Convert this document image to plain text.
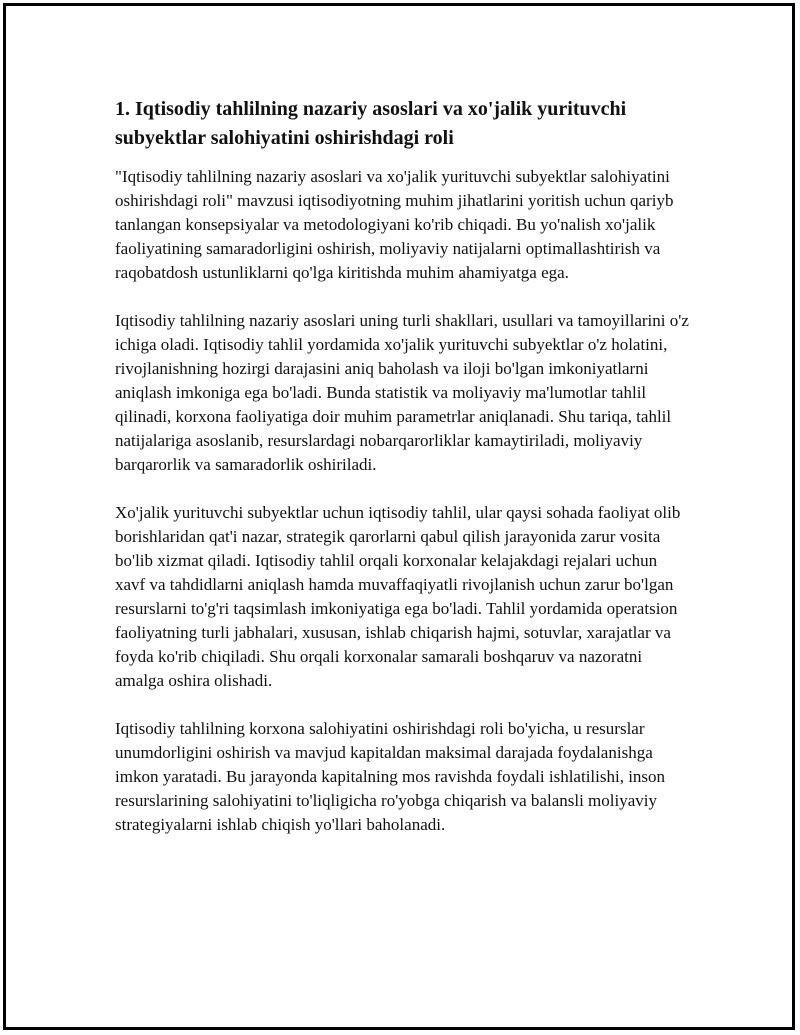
1. Iqtisodiy tahlilning nazariy asoslari va xo'jalik yurituvchi subyektlar salohiyatini oshirishdagi roli

"Iqtisodiy tahlilning nazariy asoslari va xo'jalik yurituvchi subyektlar salohiyatini oshirishdagi roli" mavzusi iqtisodiyotning muhim jihatlarini yoritish uchun qariyb tanlangan konsepsiyalar va metodologiyani ko'rib chiqadi. Bu yo'nalish xo'jalik faoliyatining samaradorligini oshirish, moliyaviy natijalarni optimallashtirish va raqobatdosh ustunliklarni qo'lga kiritishda muhim ahamiyatga ega.

Iqtisodiy tahlilning nazariy asoslari uning turli shakllari, usullari va tamoyillarini o'z ichiga oladi. Iqtisodiy tahlil yordamida xo'jalik yurituvchi subyektlar o'z holatini, rivojlanishning hozirgi darajasini aniq baholash va iloji bo'lgan imkoniyatlarni aniqlash imkoniga ega bo'ladi. Bunda statistik va moliyaviy ma'lumotlar tahlil qilinadi, korxona faoliyatiga doir muhim parametrlar aniqlanadi. Shu tariqa, tahlil natijalariga asoslanib, resurslardagi nobarqarorliklar kamaytiriladi, moliyaviy barqarorlik va samaradorlik oshiriladi.

Xo'jalik yurituvchi subyektlar uchun iqtisodiy tahlil, ular qaysi sohada faoliyat olib borishlaridan qat'i nazar, strategik qarorlarni qabul qilish jarayonida zarur vosita bo'lib xizmat qiladi. Iqtisodiy tahlil orqali korxonalar kelajakdagi rejalari uchun xavf va tahdidlarni aniqlash hamda muvaffaqiyatli rivojlanish uchun zarur bo'lgan resurslarni to'g'ri taqsimlash imkoniyatiga ega bo'ladi. Tahlil yordamida operatsion faoliyatning turli jabhalari, xususan, ishlab chiqarish hajmi, sotuvlar, xarajatlar va foyda ko'rib chiqiladi. Shu orqali korxonalar samarali boshqaruv va nazoratni amalga oshira olishadi.

Iqtisodiy tahlilning korxona salohiyatini oshirishdagi roli bo'yicha, u resurslar unumdorligini oshirish va mavjud kapitaldan maksimal darajada foydalanishga imkon yaratadi. Bu jarayonda kapitalning mos ravishda foydali ishlatilishi, inson resurslarining salohiyatini to'liqligicha ro'yobga chiqarish va balansli moliyaviy strategiyalarni ishlab chiqish yo'llari baholanadi.
